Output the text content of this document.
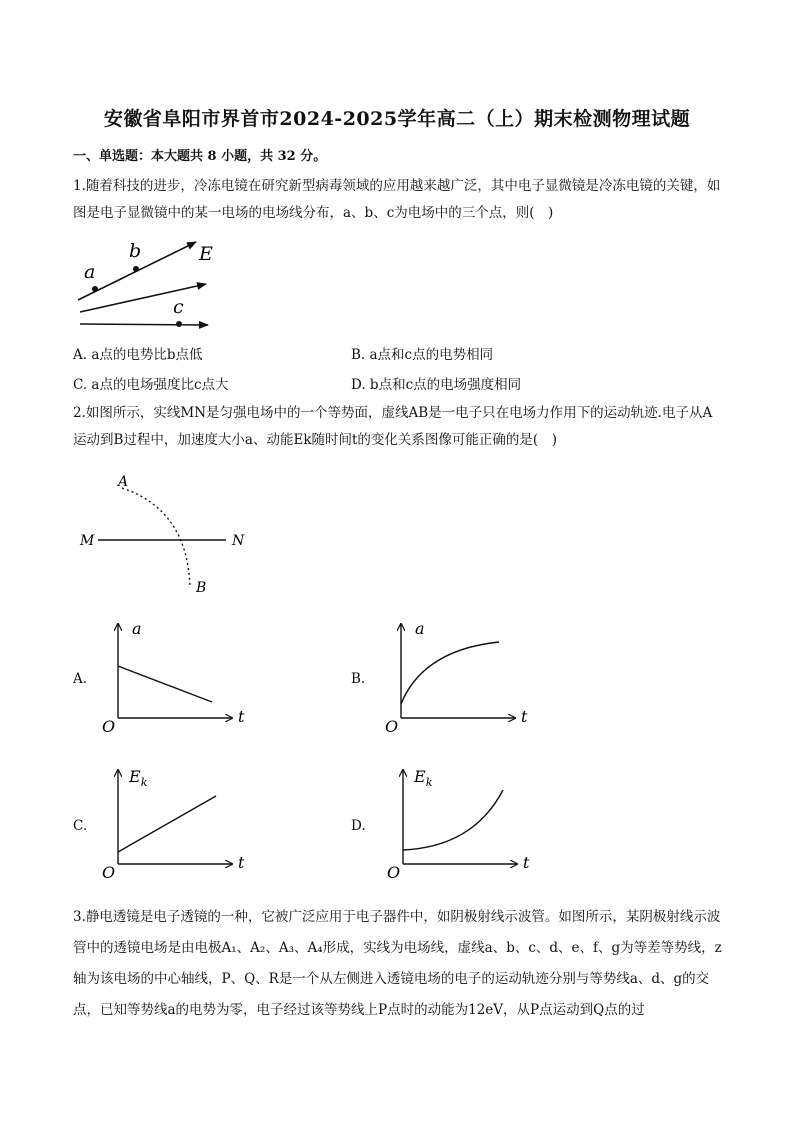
安徽省阜阳市界首市2024-2025学年高二（上）期末检测物理试题
一、单选题：本大题共 8 小题，共 32 分。
1.随着科技的进步，冷冻电镜在研究新型病毒领域的应用越来越广泛，其中电子显微镜是冷冻电镜的关键，如图是电子显微镜中的某一电场的电场线分布，a、b、c为电场中的三个点，则(　)
a
b
c
E
A. a点的电势比b点低	B. a点和c点的电势相同
C. a点的电场强度比c点大	D. b点和c点的电场强度相同
2.如图所示，实线MN是匀强电场中的一个等势面，虚线AB是一电子只在电场力作用下的运动轨迹.电子从A运动到B过程中，加速度大小a、动能Ek随时间t的变化关系图像可能正确的是(　)
A
B
M	N
A.
a
t
O
B.
a
t
O
C.
$E_k$
t
O
D.
$E_k$
t
O
3.静电透镜是电子透镜的一种，它被广泛应用于电子器件中，如阴极射线示波管。如图所示，某阴极射线示波管中的透镜电场是由电极A₁、A₂、A₃、A₄形成，实线为电场线，虚线a、b、c、d、e、f、g为等差等势线，z轴为该电场的中心轴线，P、Q、R是一个从左侧进入透镜电场的电子的运动轨迹分别与等势线a、d、g的交点，已知等势线a的电势为零，电子经过该等势线上P点时的动能为12eV，从P点运动到Q点的过
